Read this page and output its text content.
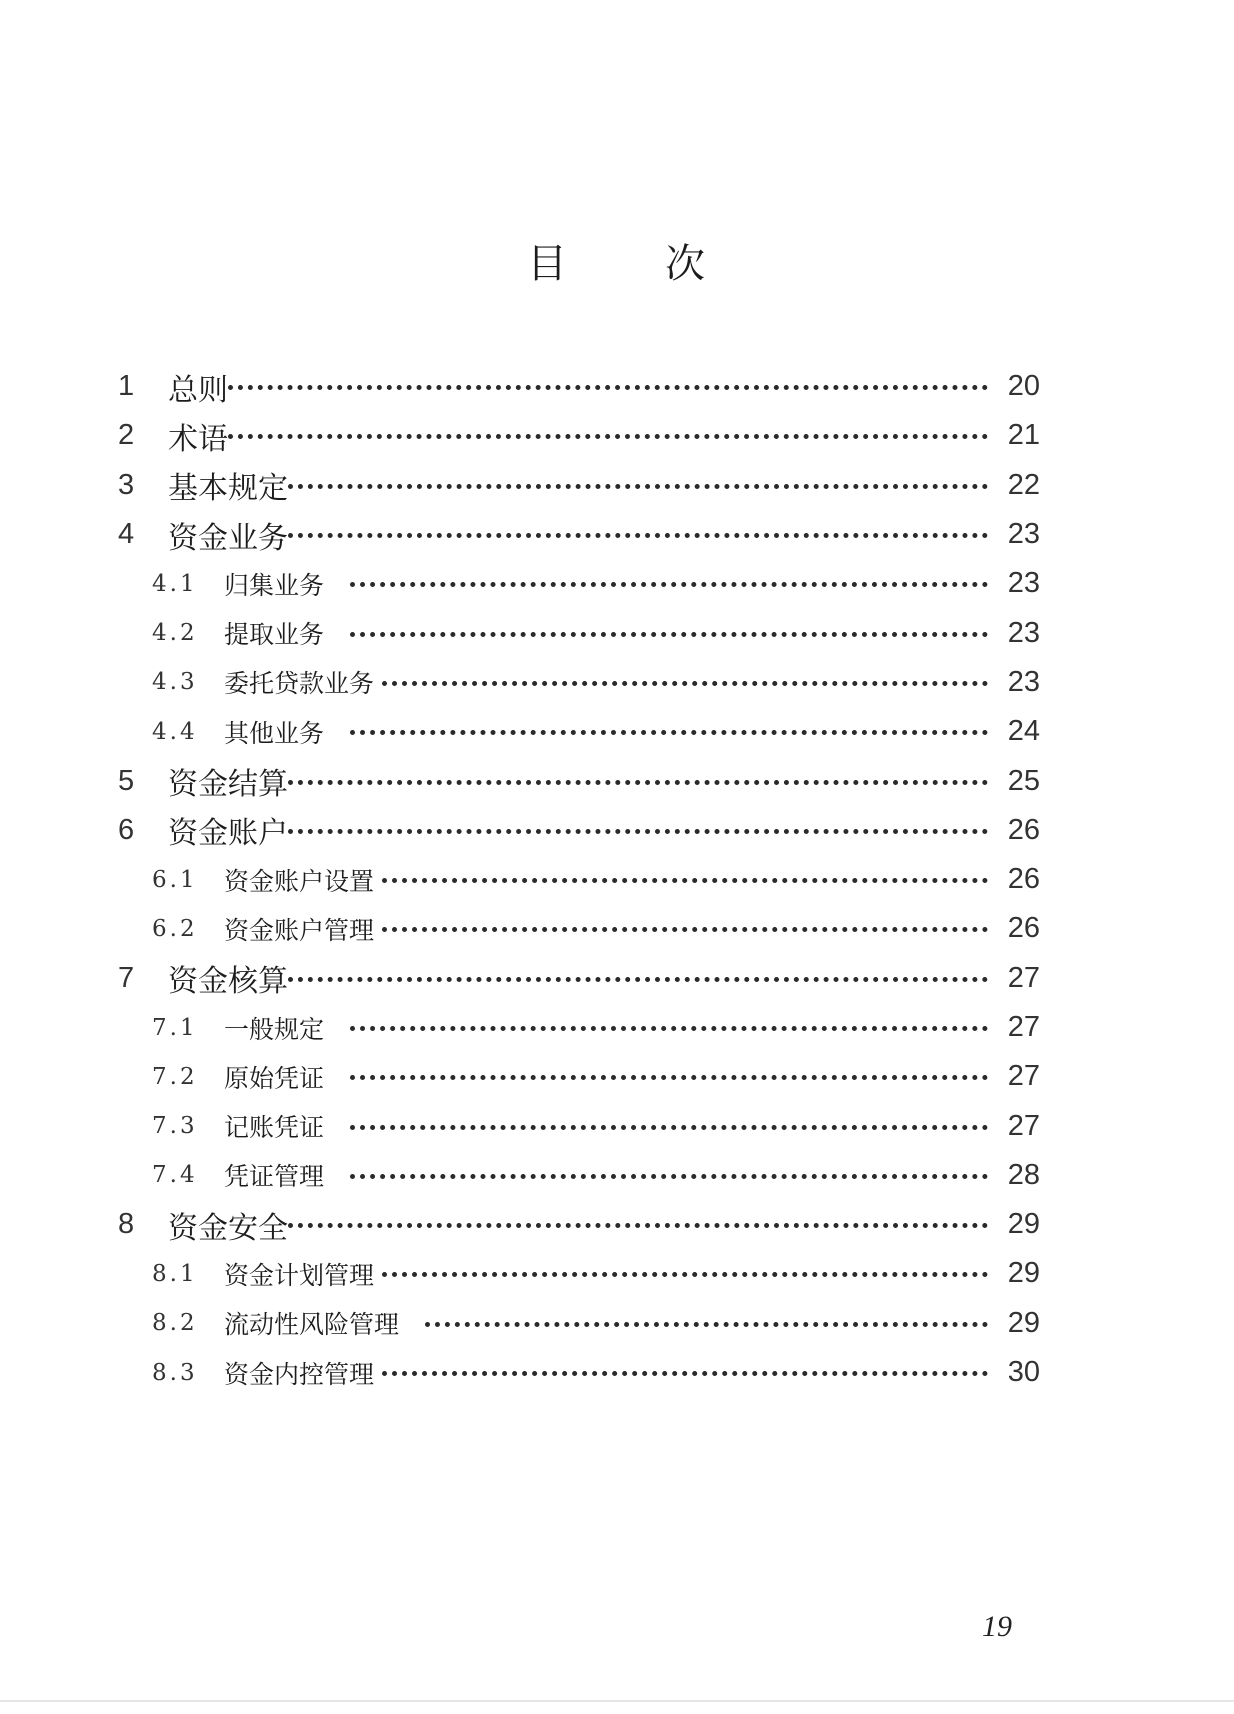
目 次
1	总则	20
2	术语	21
3	基本规定	22
4	资金业务	23
4.1	归集业务	23
4.2	提取业务	23
4.3	委托贷款业务	23
4.4	其他业务	24
5	资金结算	25
6	资金账户	26
6.1	资金账户设置	26
6.2	资金账户管理	26
7	资金核算	27
7.1	一般规定	27
7.2	原始凭证	27
7.3	记账凭证	27
7.4	凭证管理	28
8	资金安全	29
8.1	资金计划管理	29
8.2	流动性风险管理	29
8.3	资金内控管理	30
19
